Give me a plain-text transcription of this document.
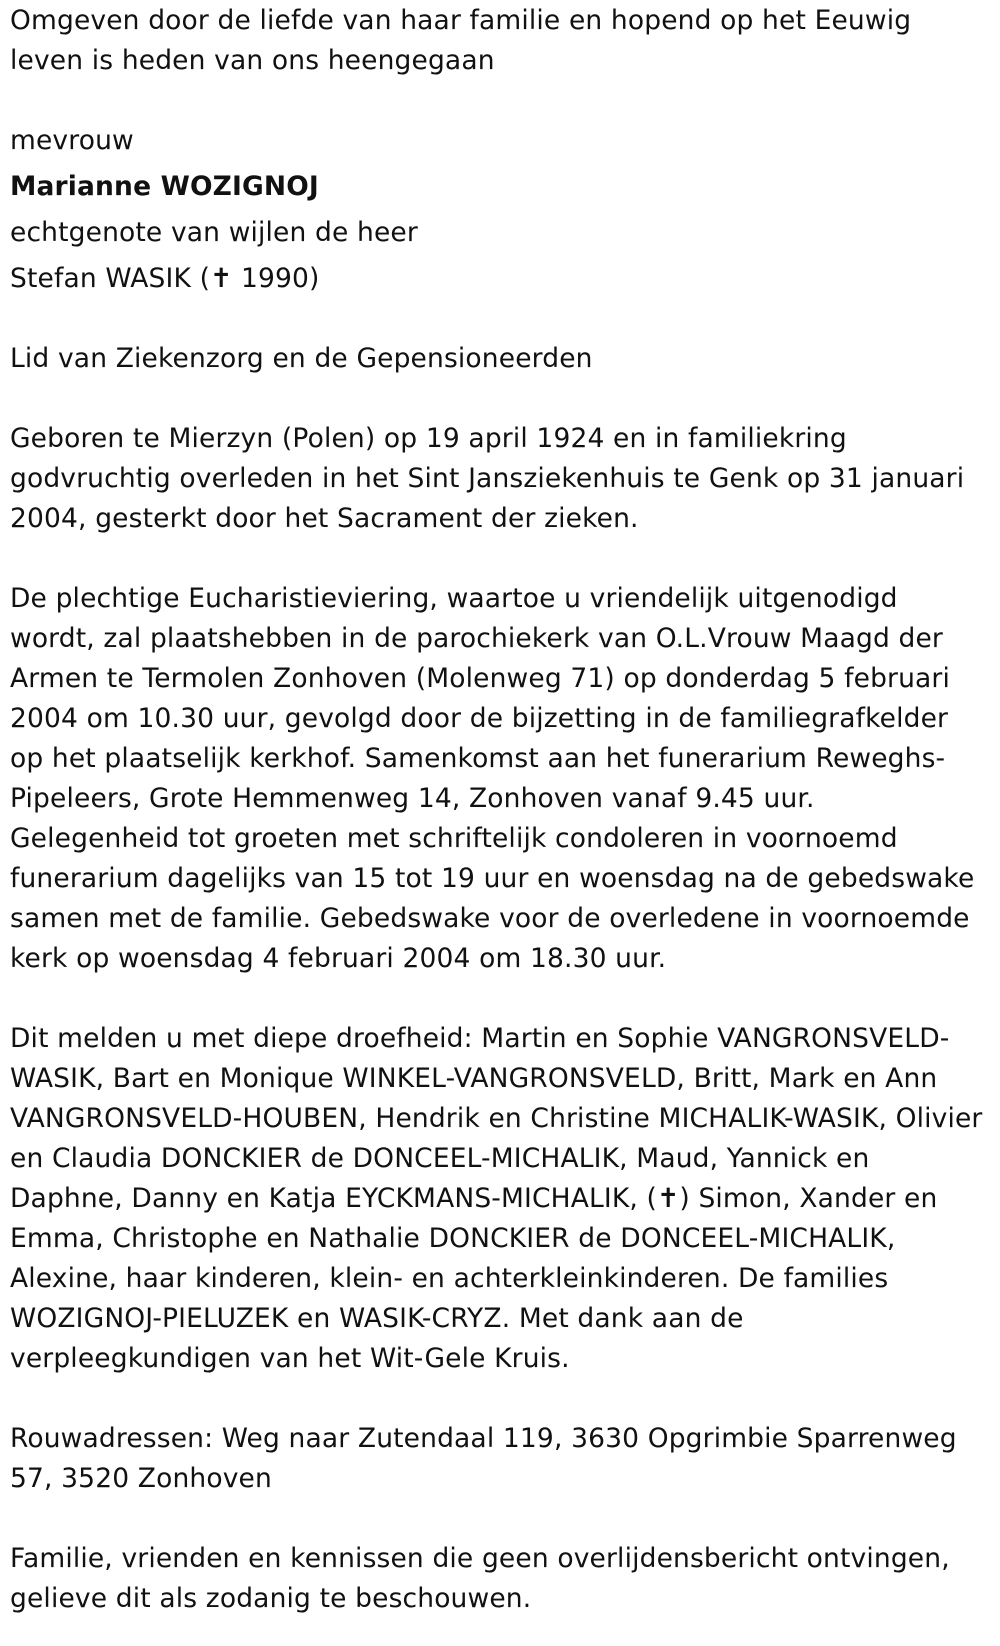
Omgeven door de liefde van haar familie en hopend op het Eeuwig leven is heden van ons heengegaan

mevrouw

Marianne WOZIGNOJ

echtgenote van wijlen de heer

Stefan WASIK (✝ 1990)

Lid van Ziekenzorg en de Gepensioneerden

Geboren te Mierzyn (Polen) op 19 april 1924 en in familiekring godvruchtig overleden in het Sint Jansziekenhuis te Genk op 31 januari 2004, gesterkt door het Sacrament der zieken.

De plechtige Eucharistieviering, waartoe u vriendelijk uitgenodigd wordt, zal plaatshebben in de parochiekerk van O.L.Vrouw Maagd der Armen te Termolen Zonhoven (Molenweg 71) op donderdag 5 februari 2004 om 10.30 uur, gevolgd door de bijzetting in de familiegrafkelder op het plaatselijk kerkhof. Samenkomst aan het funerarium Reweghs-Pipeleers, Grote Hemmenweg 14, Zonhoven vanaf 9.45 uur. Gelegenheid tot groeten met schriftelijk condoleren in voornoemd funerarium dagelijks van 15 tot 19 uur en woensdag na de gebedswake samen met de familie. Gebedswake voor de overledene in voornoemde kerk op woensdag 4 februari 2004 om 18.30 uur.

Dit melden u met diepe droefheid: Martin en Sophie VANGRONSVELD-WASIK, Bart en Monique WINKEL-VANGRONSVELD, Britt, Mark en Ann VANGRONSVELD-HOUBEN, Hendrik en Christine MICHALIK-WASIK, Olivier en Claudia DONCKIER de DONCEEL-MICHALIK, Maud, Yannick en Daphne, Danny en Katja EYCKMANS-MICHALIK, (✝) Simon, Xander en Emma, Christophe en Nathalie DONCKIER de DONCEEL-MICHALIK, Alexine, haar kinderen, klein- en achterkleinkinderen. De families WOZIGNOJ-PIELUZEK en WASIK-CRYZ. Met dank aan de verpleegkundigen van het Wit-Gele Kruis.

Rouwadressen: Weg naar Zutendaal 119, 3630 Opgrimbie Sparrenweg 57, 3520 Zonhoven

Familie, vrienden en kennissen die geen overlijdensbericht ontvingen, gelieve dit als zodanig te beschouwen.
